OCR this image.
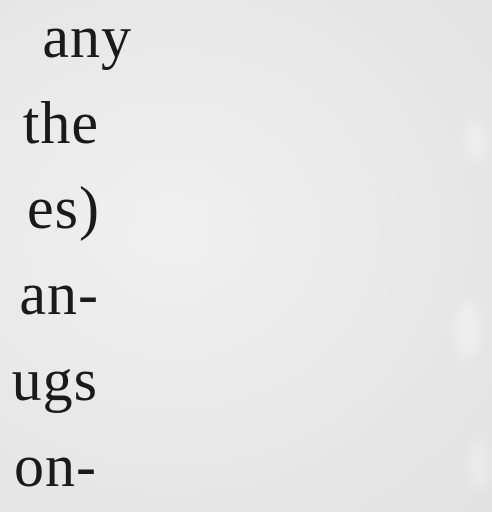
any
the
es)
an-
ugs
on-
